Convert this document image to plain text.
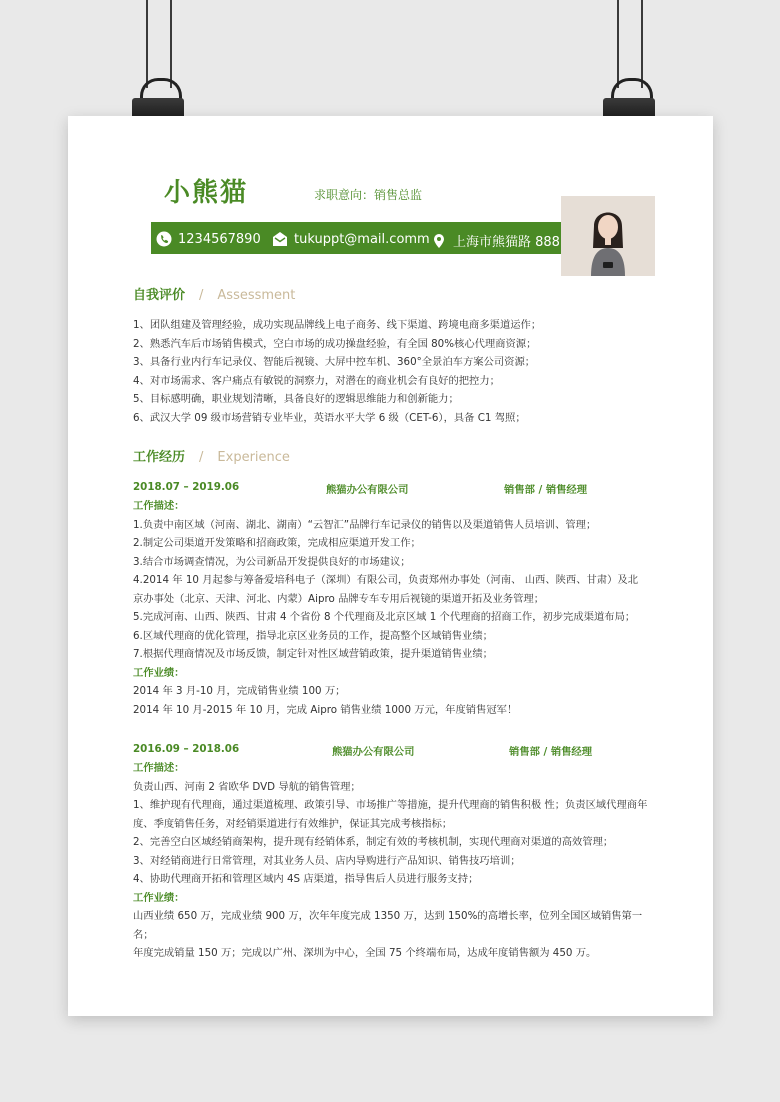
小熊猫	求职意向：销售总监
1234567890	tukuppt@mail.comm 上海市熊猫路 888
自我评价 / Assessment
1、团队组建及管理经验，成功实现品牌线上电子商务、线下渠道、跨境电商多渠道运作；
2、熟悉汽车后市场销售模式，空白市场的成功操盘经验，有全国 80%核心代理商资源；
3、具备行业内行车记录仪、智能后视镜、大屏中控车机、360°全景泊车方案公司资源；
4、对市场需求、客户痛点有敏锐的洞察力，对潜在的商业机会有良好的把控力；
5、目标感明确，职业规划清晰，具备良好的逻辑思维能力和创新能力；
6、武汉大学 09 级市场营销专业毕业，英语水平大学 6 级（CET-6），具备 C1 驾照；
工作经历 / Experience
2018.07 – 2019.06	熊猫办公有限公司	销售部 / 销售经理
工作描述：
1.负责中南区域（河南、湖北、湖南）“云智汇”品牌行车记录仪的销售以及渠道销售人员培训、管理；
2.制定公司渠道开发策略和招商政策，完成相应渠道开发工作；
3.结合市场调查情况，为公司新品开发提供良好的市场建议；
4.2014 年 10 月起参与筹备爱培科电子（深圳）有限公司，负责郑州办事处（河南、 山西、陕西、甘肃）及北京办事处（北京、天津、河北、内蒙）Aipro 品牌专车专用后视镜的渠道开拓及业务管理；
5.完成河南、山西、陕西、甘肃 4 个省份 8 个代理商及北京区域 1 个代理商的招商工作，初步完成渠道布局；
6.区域代理商的优化管理，指导北京区业务员的工作，提高整个区域销售业绩；
7.根据代理商情况及市场反馈，制定针对性区域营销政策，提升渠道销售业绩；
工作业绩：
2014 年 3 月-10 月，完成销售业绩 100 万；
2014 年 10 月-2015 年 10 月，完成 Aipro 销售业绩 1000 万元，年度销售冠军！
2016.09 – 2018.06	熊猫办公有限公司	销售部 / 销售经理
工作描述：
负责山西、河南 2 省欧华 DVD 导航的销售管理；
1、维护现有代理商，通过渠道梳理、政策引导、市场推广等措施，提升代理商的销售积极 性；负责区域代理商年度、季度销售任务，对经销渠道进行有效维护，保证其完成考核指标；
2、完善空白区域经销商架构，提升现有经销体系，制定有效的考核机制，实现代理商对渠道的高效管理；
3、对经销商进行日常管理，对其业务人员、店内导购进行产品知识、销售技巧培训；
4、协助代理商开拓和管理区域内 4S 店渠道，指导售后人员进行服务支持；
工作业绩：
山西业绩 650 万，完成业绩 900 万，次年年度完成 1350 万，达到 150%的高增长率，位列全国区域销售第一名；
年度完成销量 150 万；完成以广州、深圳为中心，全国 75 个终端布局，达成年度销售额为 450 万。
